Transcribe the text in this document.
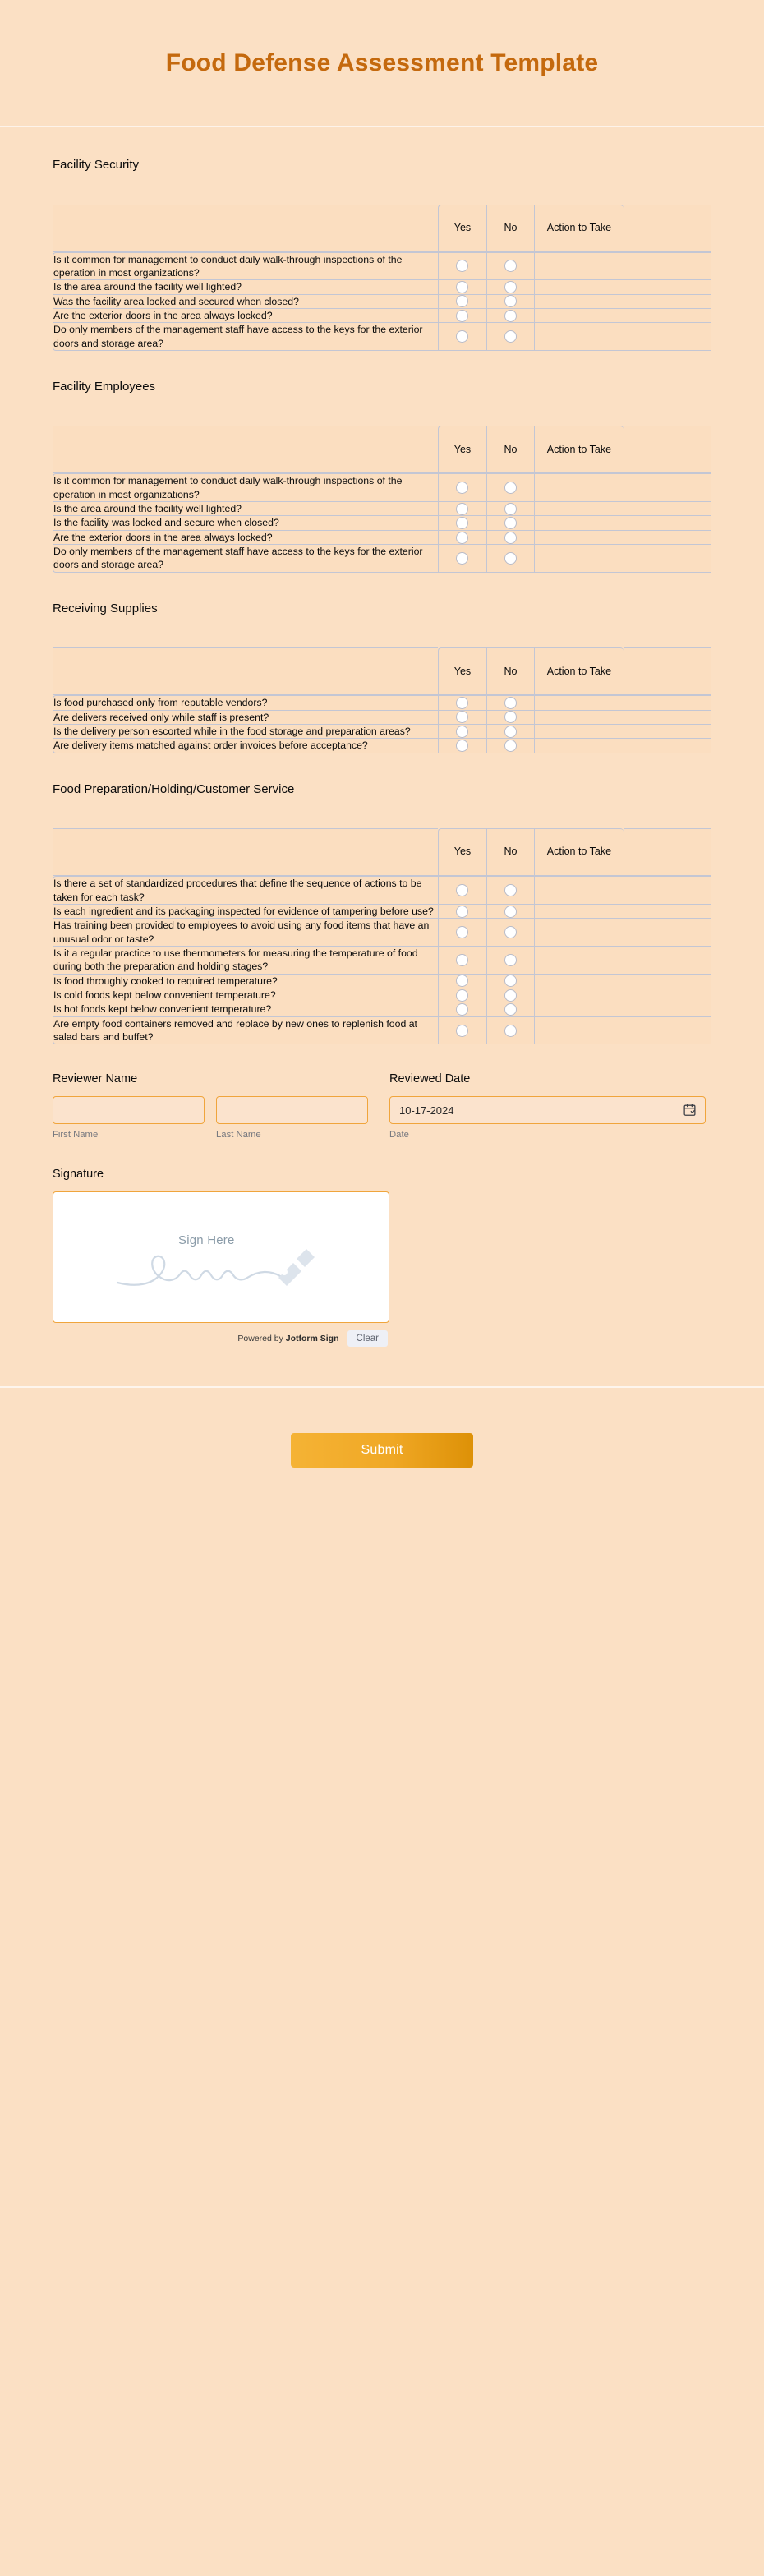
Food Defense Assessment Template
Facility Security
	Yes	No	Action to Take	
Is it common for management to conduct daily walk-through inspections of the operation in most organizations?				
Is the area around the facility well lighted?				
Was the facility area locked and secured when closed?				
Are the exterior doors in the area always locked?				
Do only members of the management staff have access to the keys for the exterior doors and storage area?				
Facility Employees
	Yes	No	Action to Take	
Is it common for management to conduct daily walk-through inspections of the operation in most organizations?				
Is the area around the facility well lighted?				
Is the facility was locked and secure when closed?				
Are the exterior doors in the area always locked?				
Do only members of the management staff have access to the keys for the exterior doors and storage area?				
Receiving Supplies
	Yes	No	Action to Take	
Is food purchased only from reputable vendors?				
Are delivers received only while staff is present?				
Is the delivery person escorted while in the food storage and preparation areas?				
Are delivery items matched against order invoices before acceptance?				
Food Preparation/Holding/Customer Service
	Yes	No	Action to Take	
Is there a set of standardized procedures that define the sequence of actions to be taken for each task?				
Is each ingredient and its packaging inspected for evidence of tampering before use?				
Has training been provided to employees to avoid using any food items that have an unusual odor or taste?				
Is it a regular practice to use thermometers for measuring the temperature of food during both the preparation and holding stages?				
Is food throughly cooked to required temperature?				
Is cold foods kept below convenient temperature?				
Is hot foods kept below convenient temperature?				
Are empty food containers removed and replace by new ones to replenish food at salad bars and buffet?				
Reviewer Name
First Name	Last Name
Reviewed Date
10-17-2024
Date
Signature
Sign Here
Powered by Jotform Sign	Clear
Submit
